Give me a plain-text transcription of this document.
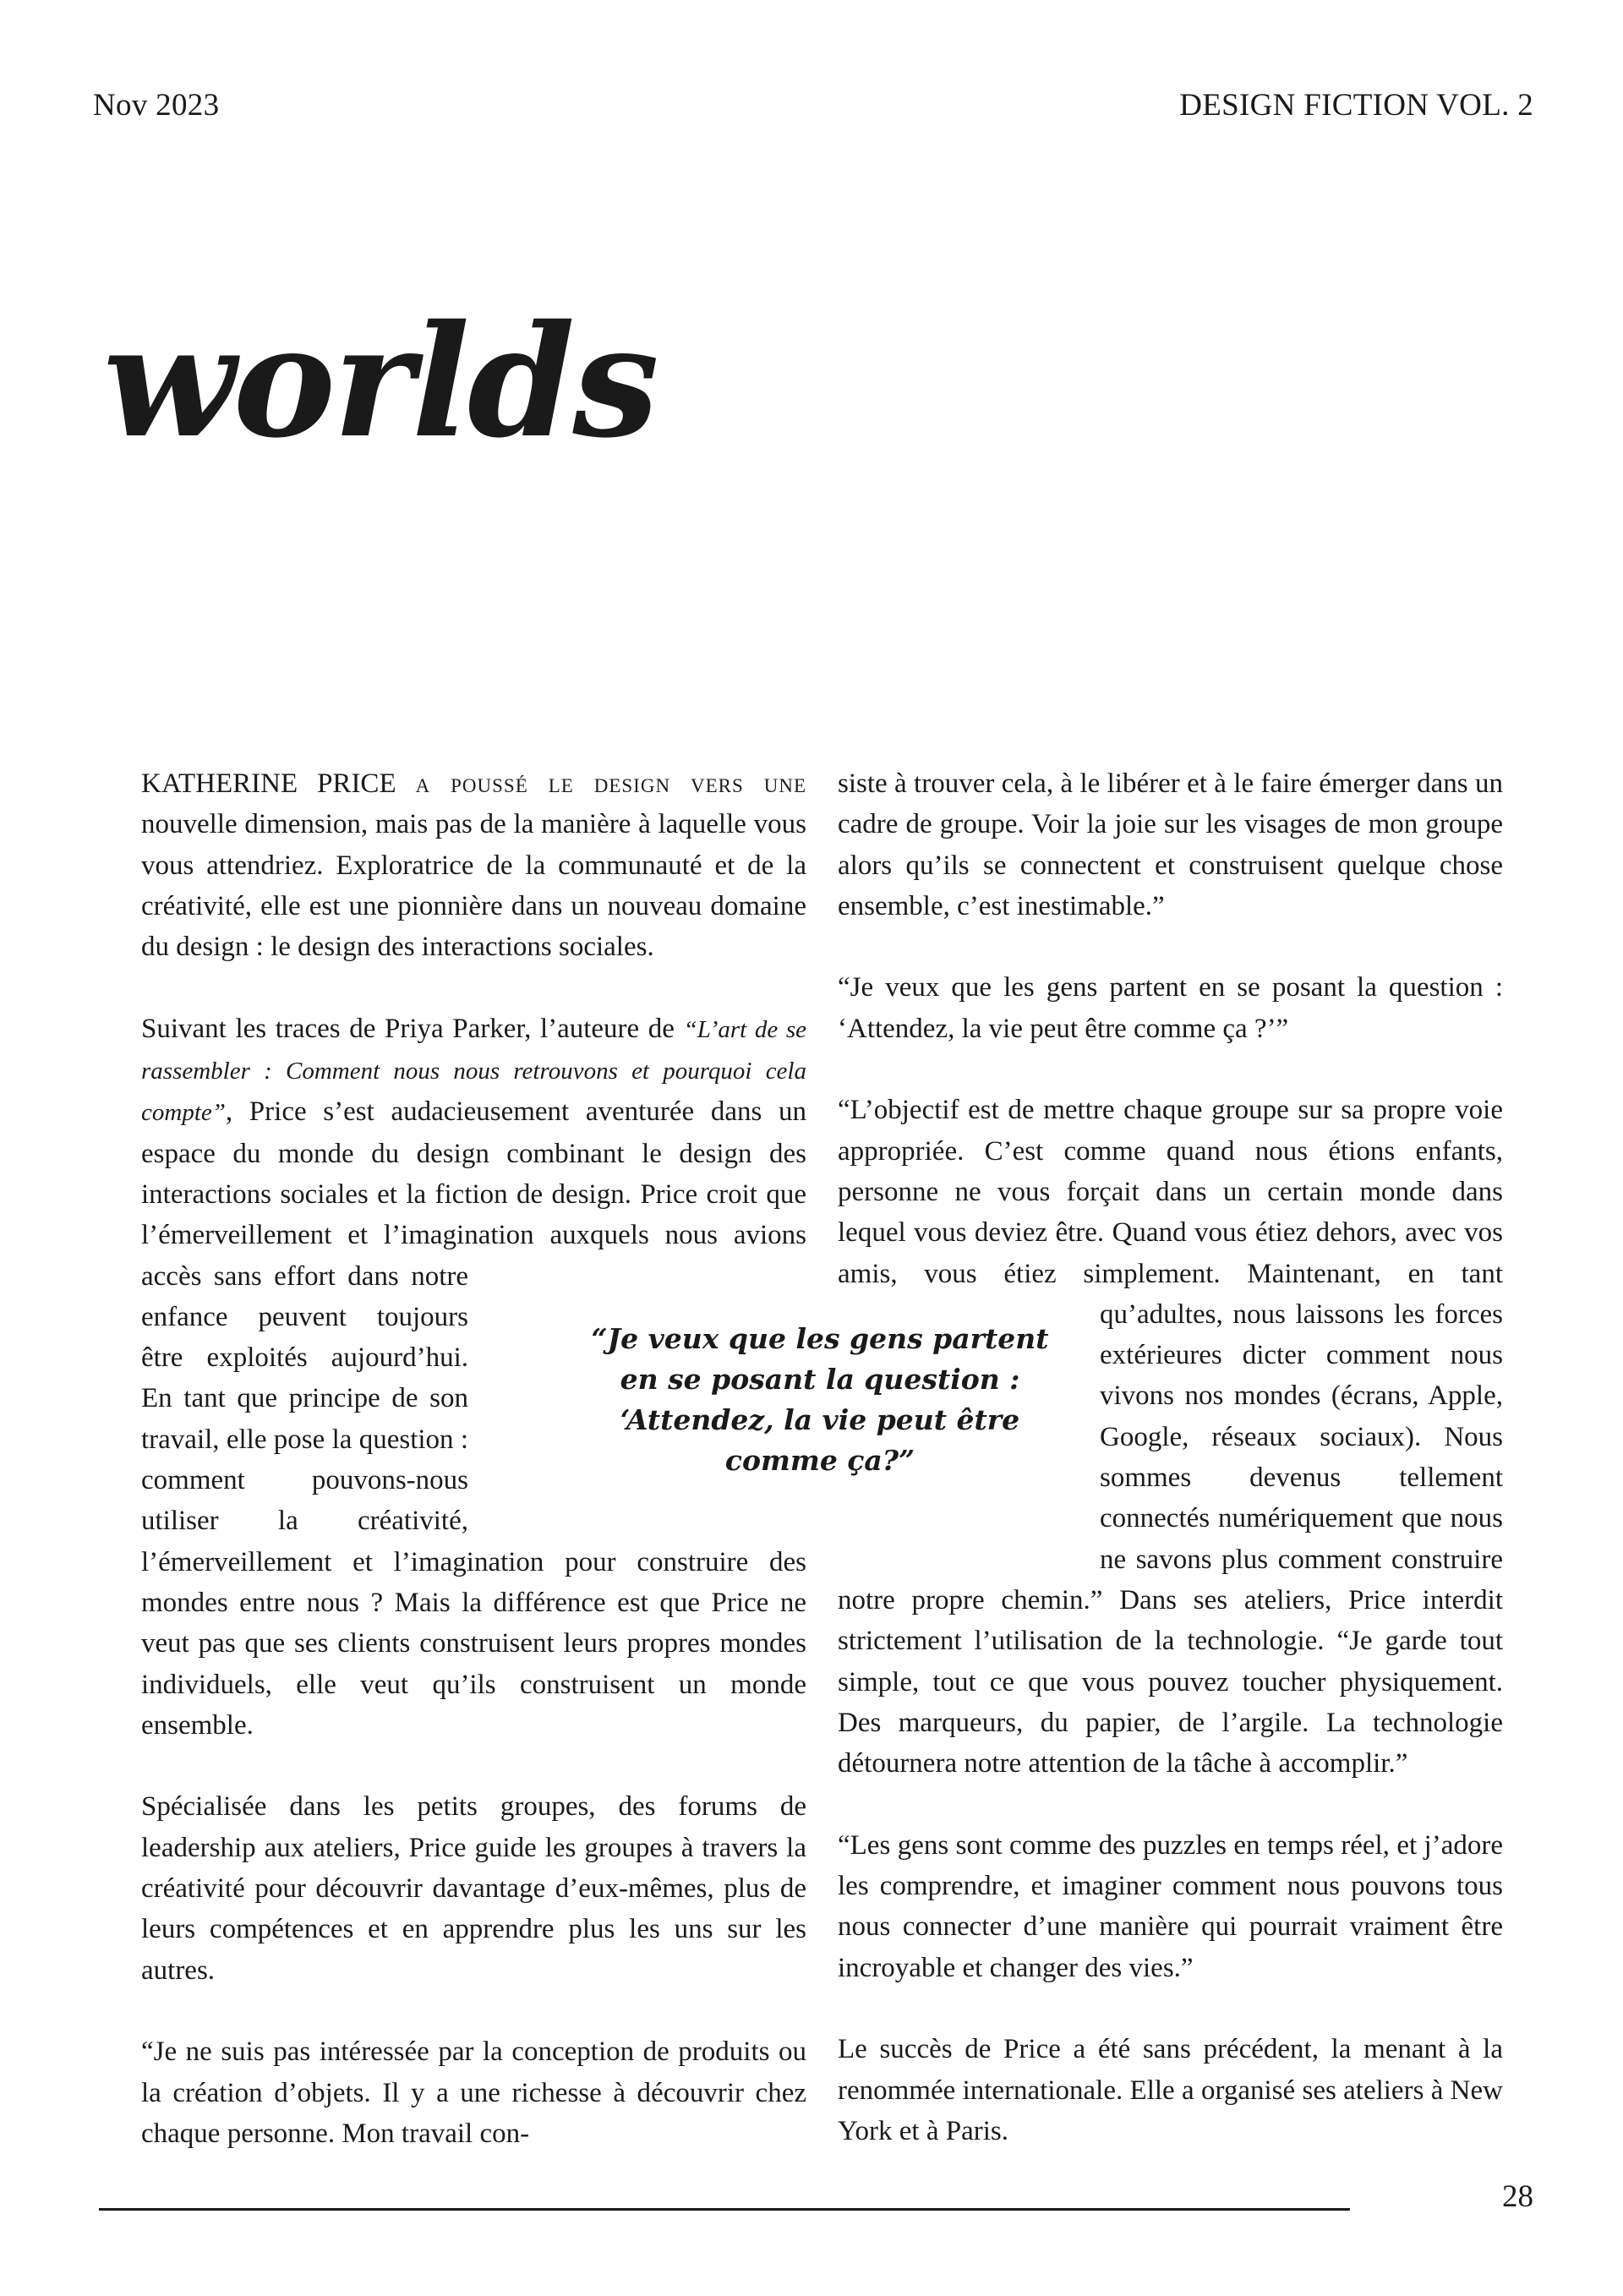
Nov 2023	DESIGN FICTION VOL. 2
worlds

KATHERINE PRICE a poussé le design vers une nouvelle dimension, mais pas de la manière à laquelle vous vous attendriez. Exploratrice de la communauté et de la créativité, elle est une pionnière dans un nouveau domaine du design : le design des interactions sociales.

Suivant les traces de Priya Parker, l’auteure de “L’art de se rassembler : Comment nous nous retrouvons et pourquoi cela compte”, Price s’est audacieusement aventurée dans un espace du monde du design combinant le design des interactions sociales et la fiction de design. Price croit que l’émerveillement et l’imagination auxquels nous avions accès sans effort dans notre enfance peuvent toujours être exploités aujourd’hui. En tant que principe de son travail, elle pose la question : comment pouvons-nous utiliser la créativité, l’émerveillement et l’imagination pour construire des mondes entre nous ? Mais la différence est que Price ne veut pas que ses clients construisent leurs propres mondes individuels, elle veut qu’ils construisent un monde ensemble.

Spécialisée dans les petits groupes, des forums de leadership aux ateliers, Price guide les groupes à travers la créativité pour découvrir davantage d’eux-mêmes, plus de leurs compétences et en apprendre plus les uns sur les autres.

“Je ne suis pas intéressée par la conception de produits ou la création d’objets. Il y a une richesse à découvrir chez chaque personne. Mon travail con-

siste à trouver cela, à le libérer et à le faire émerger dans un cadre de groupe. Voir la joie sur les visages de mon groupe alors qu’ils se connectent et construisent quelque chose ensemble, c’est inestimable.”

“Je veux que les gens partent en se posant la question : ‘Attendez, la vie peut être comme ça ?’”

“L’objectif est de mettre chaque groupe sur sa propre voie appropriée. C’est comme quand nous étions enfants, personne ne vous forçait dans un certain monde dans lequel vous deviez être. Quand vous étiez dehors, avec vos amis, vous étiez simplement. Maintenant, en tant qu’adultes, nous laissons les forces extérieures dicter comment nous vivons nos mondes (écrans, Apple, Google, réseaux sociaux). Nous sommes devenus tellement connectés numériquement que nous ne savons plus comment construire notre propre chemin.” Dans ses ateliers, Price interdit strictement l’utilisation de la technologie. “Je garde tout simple, tout ce que vous pouvez toucher physiquement. Des marqueurs, du papier, de l’argile. La technologie détournera notre attention de la tâche à accomplir.”

“Les gens sont comme des puzzles en temps réel, et j’adore les comprendre, et imaginer comment nous pouvons tous nous connecter d’une manière qui pourrait vraiment être incroyable et changer des vies.”

Le succès de Price a été sans précédent, la menant à la renommée internationale. Elle a organisé ses ateliers à New York et à Paris.

“Je veux que les gens partent en se posant la question : ‘Attendez, la vie peut être comme ça?”
28
